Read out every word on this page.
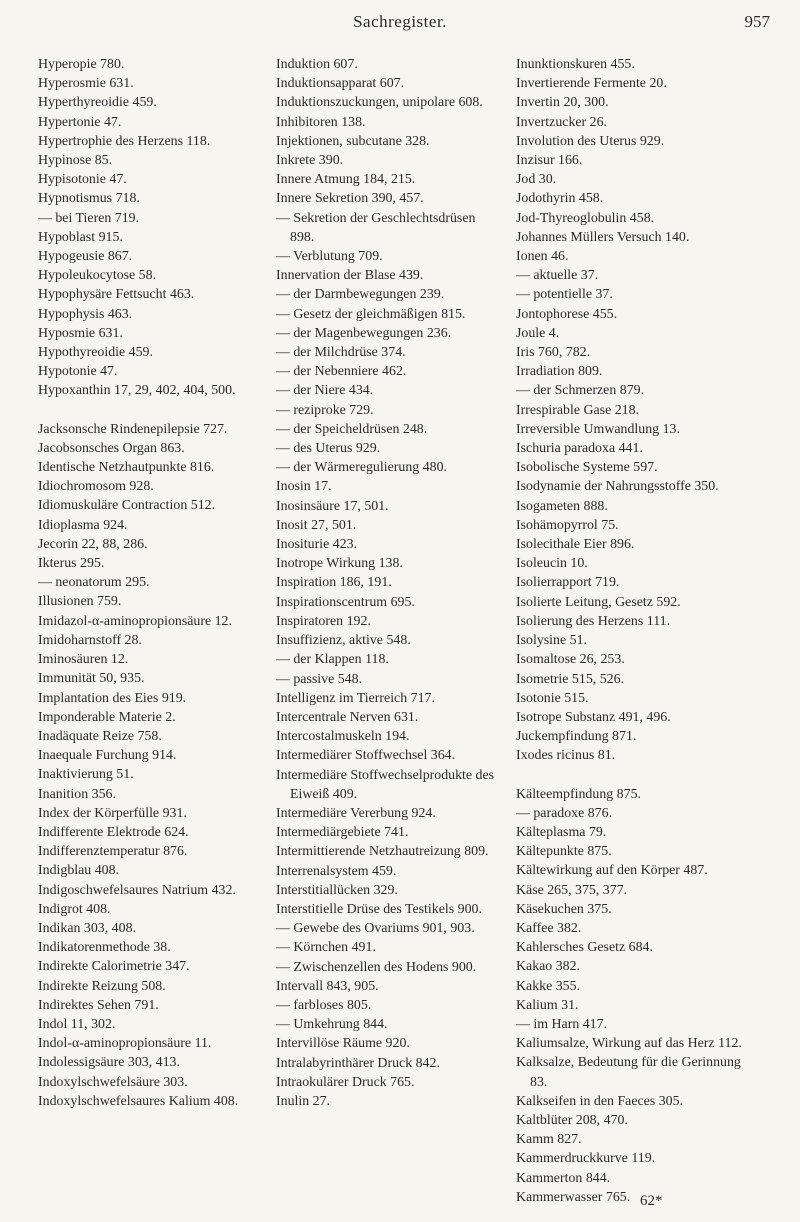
Sachregister.	957
Hyperopie 780.
Hyperosmie 631.
Hyperthyreoidie 459.
Hypertonie 47.
Hypertrophie des Herzens 118.
Hypinose 85.
Hypisotonie 47.
Hypnotismus 718.
— bei Tieren 719.
Hypoblast 915.
Hypogeusie 867.
Hypoleukocytose 58.
Hypophysäre Fettsucht 463.
Hypophysis 463.
Hyposmie 631.
Hypothyreoidie 459.
Hypotonie 47.
Hypoxanthin 17, 29, 402, 404, 500.
Jacksonsche Rindenepilepsie 727.
Jacobsonsches Organ 863.
Identische Netzhautpunkte 816.
Idiochromosom 928.
Idiomuskuläre Contraction 512.
Idioplasma 924.
Jecorin 22, 88, 286.
Ikterus 295.
— neonatorum 295.
Illusionen 759.
Imidazol-α-aminopropionsäure 12.
Imidoharnstoff 28.
Iminosäuren 12.
Immunität 50, 935.
Implantation des Eies 919.
Imponderable Materie 2.
Inadäquate Reize 758.
Inaequale Furchung 914.
Inaktivierung 51.
Inanition 356.
Index der Körperfülle 931.
Indifferente Elektrode 624.
Indifferenztemperatur 876.
Indigblau 408.
Indigoschwefelsaures Natrium 432.
Indigrot 408.
Indikan 303, 408.
Indikatorenmethode 38.
Indirekte Calorimetrie 347.
Indirekte Reizung 508.
Indirektes Sehen 791.
Indol 11, 302.
Indol-α-aminopropionsäure 11.
Indolessigsäure 303, 413.
Indoxylschwefelsäure 303.
Indoxylschwefelsaures Kalium 408.
Induktion 607.
Induktionsapparat 607.
Induktionszuckungen, unipolare 608.
Inhibitoren 138.
Injektionen, subcutane 328.
Inkrete 390.
Innere Atmung 184, 215.
Innere Sekretion 390, 457.
— Sekretion der Geschlechtsdrüsen 898.
— Verblutung 709.
Innervation der Blase 439.
— der Darmbewegungen 239.
— Gesetz der gleichmäßigen 815.
— der Magenbewegungen 236.
— der Milchdrüse 374.
— der Nebenniere 462.
— der Niere 434.
— reziproke 729.
— der Speicheldrüsen 248.
— des Uterus 929.
— der Wärmeregulierung 480.
Inosin 17.
Inosinsäure 17, 501.
Inosit 27, 501.
Inositurie 423.
Inotrope Wirkung 138.
Inspiration 186, 191.
Inspirationscentrum 695.
Inspiratoren 192.
Insuffizienz, aktive 548.
— der Klappen 118.
— passive 548.
Intelligenz im Tierreich 717.
Intercentrale Nerven 631.
Intercostalmuskeln 194.
Intermediärer Stoffwechsel 364.
Intermediäre Stoffwechselprodukte des Eiweiß 409.
Intermediäre Vererbung 924.
Intermediärgebiete 741.
Intermittierende Netzhautreizung 809.
Interrenalsystem 459.
Interstitiallücken 329.
Interstitielle Drüse des Testikels 900.
— Gewebe des Ovariums 901, 903.
— Körnchen 491.
— Zwischenzellen des Hodens 900.
Intervall 843, 905.
— farbloses 805.
— Umkehrung 844.
Intervillöse Räume 920.
Intralabyrinthärer Druck 842.
Intraokulärer Druck 765.
Inulin 27.
Inunktionskuren 455.
Invertierende Fermente 20.
Invertin 20, 300.
Invertzucker 26.
Involution des Uterus 929.
Inzisur 166.
Jod 30.
Jodothyrin 458.
Jod-Thyreoglobulin 458.
Johannes Müllers Versuch 140.
Ionen 46.
— aktuelle 37.
— potentielle 37.
Jontophorese 455.
Joule 4.
Iris 760, 782.
Irradiation 809.
— der Schmerzen 879.
Irrespirable Gase 218.
Irreversible Umwandlung 13.
Ischuria paradoxa 441.
Isobolische Systeme 597.
Isodynamie der Nahrungsstoffe 350.
Isogameten 888.
Isohämopyrrol 75.
Isolecithale Eier 896.
Isoleucin 10.
Isolierrapport 719.
Isolierte Leitung, Gesetz 592.
Isolierung des Herzens 111.
Isolysine 51.
Isomaltose 26, 253.
Isometrie 515, 526.
Isotonie 515.
Isotrope Substanz 491, 496.
Juckempfindung 871.
Ixodes ricinus 81.
Kälteempfindung 875.
— paradoxe 876.
Kälteplasma 79.
Kältepunkte 875.
Kältewirkung auf den Körper 487.
Käse 265, 375, 377.
Käsekuchen 375.
Kaffee 382.
Kahlersches Gesetz 684.
Kakao 382.
Kakke 355.
Kalium 31.
— im Harn 417.
Kaliumsalze, Wirkung auf das Herz 112.
Kalksalze, Bedeutung für die Gerinnung 83.
Kalkseifen in den Faeces 305.
Kaltblüter 208, 470.
Kamm 827.
Kammerdruckkurve 119.
Kammerton 844.
Kammerwasser 765. 62*
